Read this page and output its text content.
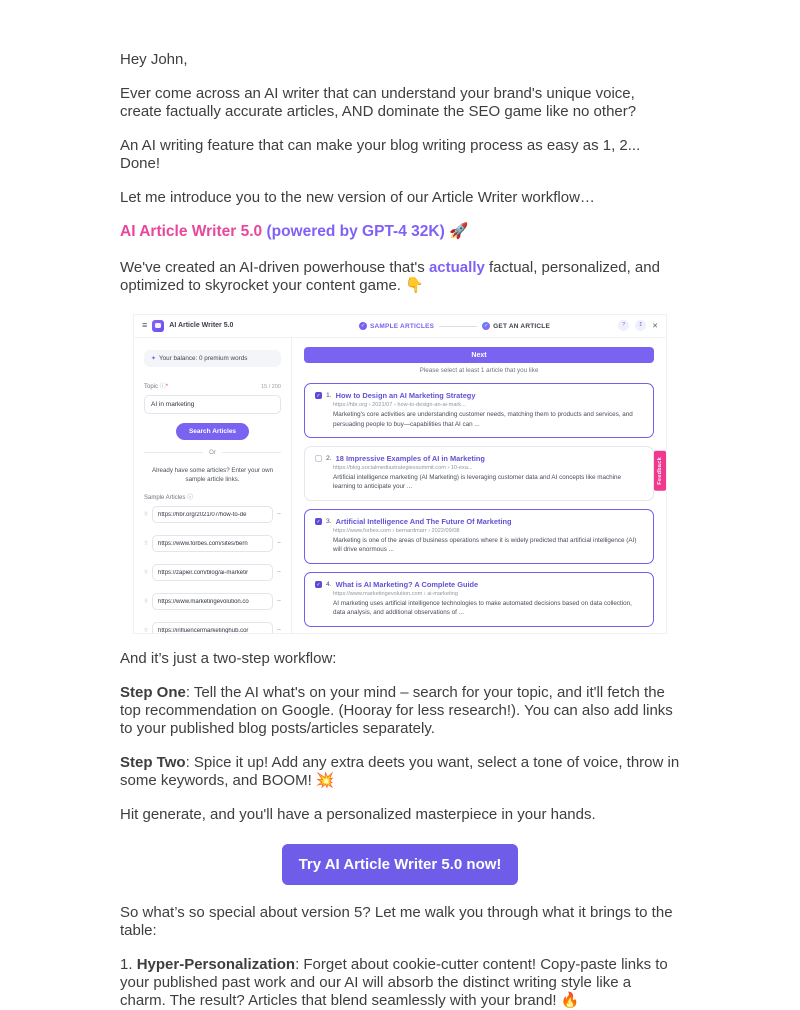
Hey John,

Ever come across an AI writer that can understand your brand's unique voice, create factually accurate articles, AND dominate the SEO game like no other?

An AI writing feature that can make your blog writing process as easy as 1, 2... Done!

Let me introduce you to the new version of our Article Writer workflow…

AI Article Writer 5.0 (powered by GPT-4 32K) 🚀

We've created an AI-driven powerhouse that's actually factual, personalized, and optimized to skyrocket your content game. 👇

≡	AI Article Writer 5.0	✓ SAMPLE ARTICLES	✓ GET AN ARTICLE	?	↥	✕
✦ Your balance: 0 premium words
Topic ⓘ*	15 / 200
AI in marketing
Search Articles
Or
Already have some articles? Enter your own sample article links.
Sample Articles ⓘ
⠿
https://hbr.org/2021/07/how-to-de	−
⠿
https://www.forbes.com/sites/bern	−
⠿
https://zapier.com/blog/ai-marketir	−
⠿
https://www.marketingevolution.co	−
⠿
https://influencermarketinghub.cor	−
Next
Please select at least 1 article that you like
✓
1. How to Design an AI Marketing Strategy
https://hbr.org › 2021/07 › how-to-design-an-ai-mark...
Marketing's core activities are understanding customer needs, matching them to products and services, and persuading people to buy—capabilities that AI can ...
2. 18 Impressive Examples of AI in Marketing
https://blog.socialmediastrategiessummit.com › 10-exa...
Artificial intelligence marketing (AI Marketing) is leveraging customer data and AI concepts like machine learning to anticipate your ...
✓
3. Artificial Intelligence And The Future Of Marketing
https://www.forbes.com › bernardmarr › 2022/09/08
Marketing is one of the areas of business operations where it is widely predicted that artificial intelligence (AI) will drive enormous ...
✓
4. What is AI Marketing? A Complete Guide
https://www.marketingevolution.com › ai-marketing
AI marketing uses artificial intelligence technologies to make automated decisions based on data collection, data analysis, and additional observations of ...
Feedback

And it’s just a two-step workflow:

Step One: Tell the AI what's on your mind – search for your topic, and it'll fetch the top recommendation on Google. (Hooray for less research!). You can also add links to your published blog posts/articles separately.

Step Two: Spice it up! Add any extra deets you want, select a tone of voice, throw in some keywords, and BOOM! 💥

Hit generate, and you'll have a personalized masterpiece in your hands.

Try AI Article Writer 5.0 now!

So what’s so special about version 5? Let me walk you through what it brings to the table:

1. Hyper-Personalization: Forget about cookie-cutter content! Copy-paste links to your published past work and our AI will absorb the distinct writing style like a charm. The result? Articles that blend seamlessly with your brand! 🔥
